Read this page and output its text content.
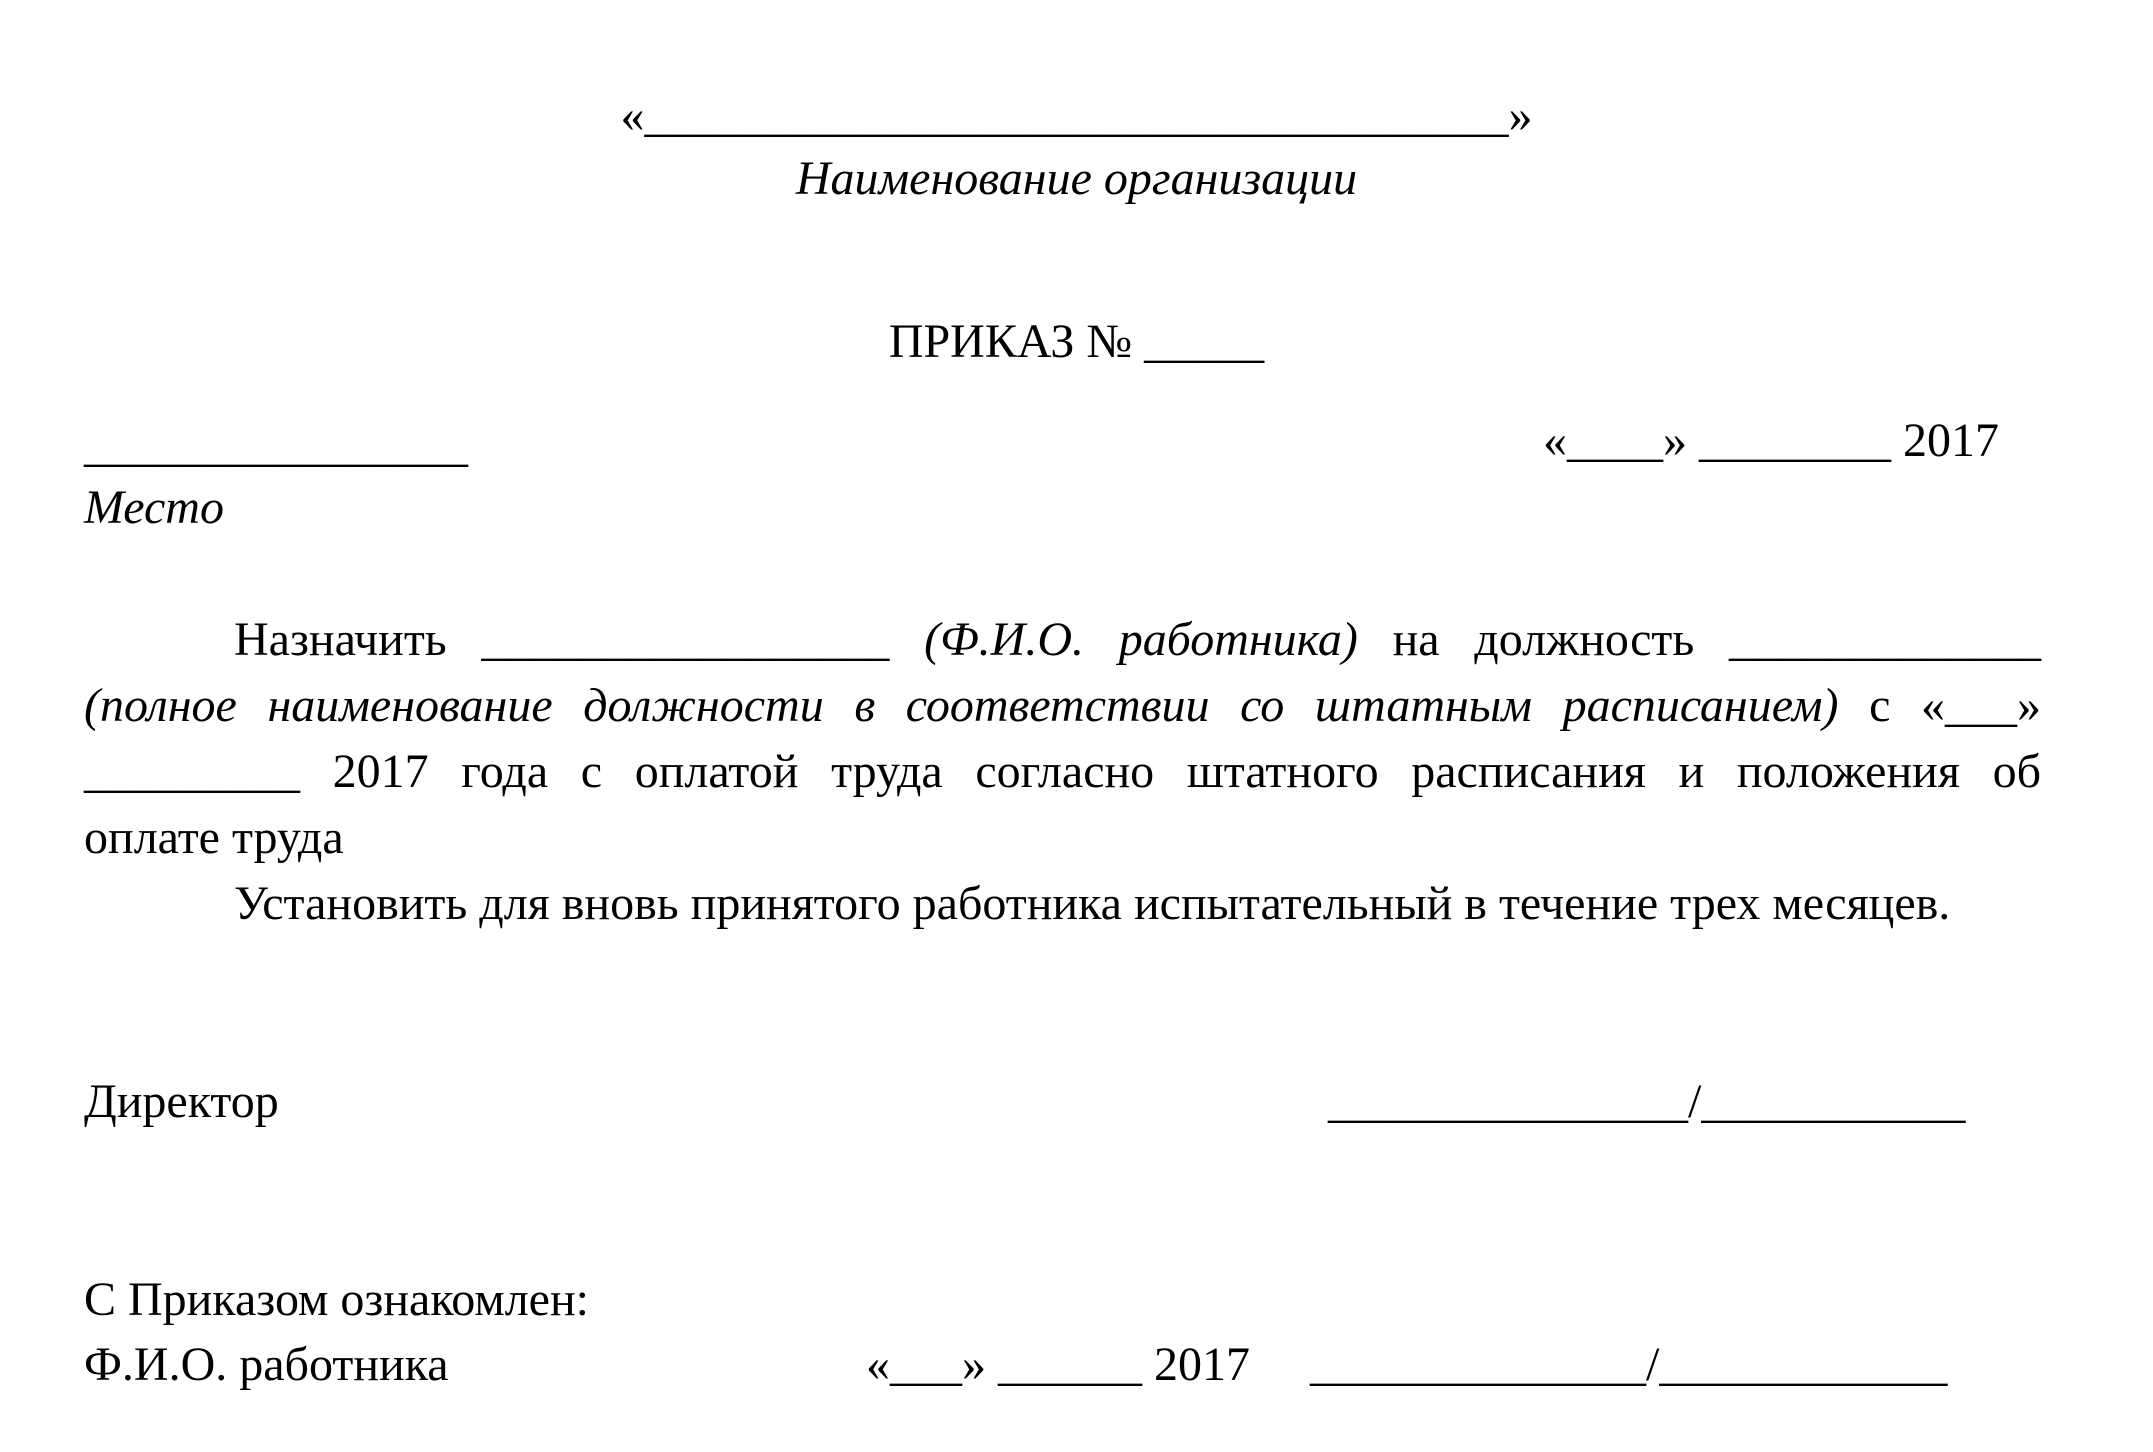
«____________________________________»
Наименование организации
ПРИКАЗ № _____
________________
Место
«____» ________ 2017
Назначить _________________ (Ф.И.О. работника) на должность _____________
(полное наименование должности в соответствии со штатным расписанием) с «___»
_________ 2017 года с оплатой труда согласно штатного расписания и положения об
оплате труда
Установить для вновь принятого работника испытательный в течение трех месяцев.
Директор	_______________/___________
С Приказом ознакомлен:
Ф.И.О. работника	«___» ______ 2017 ______________/____________
